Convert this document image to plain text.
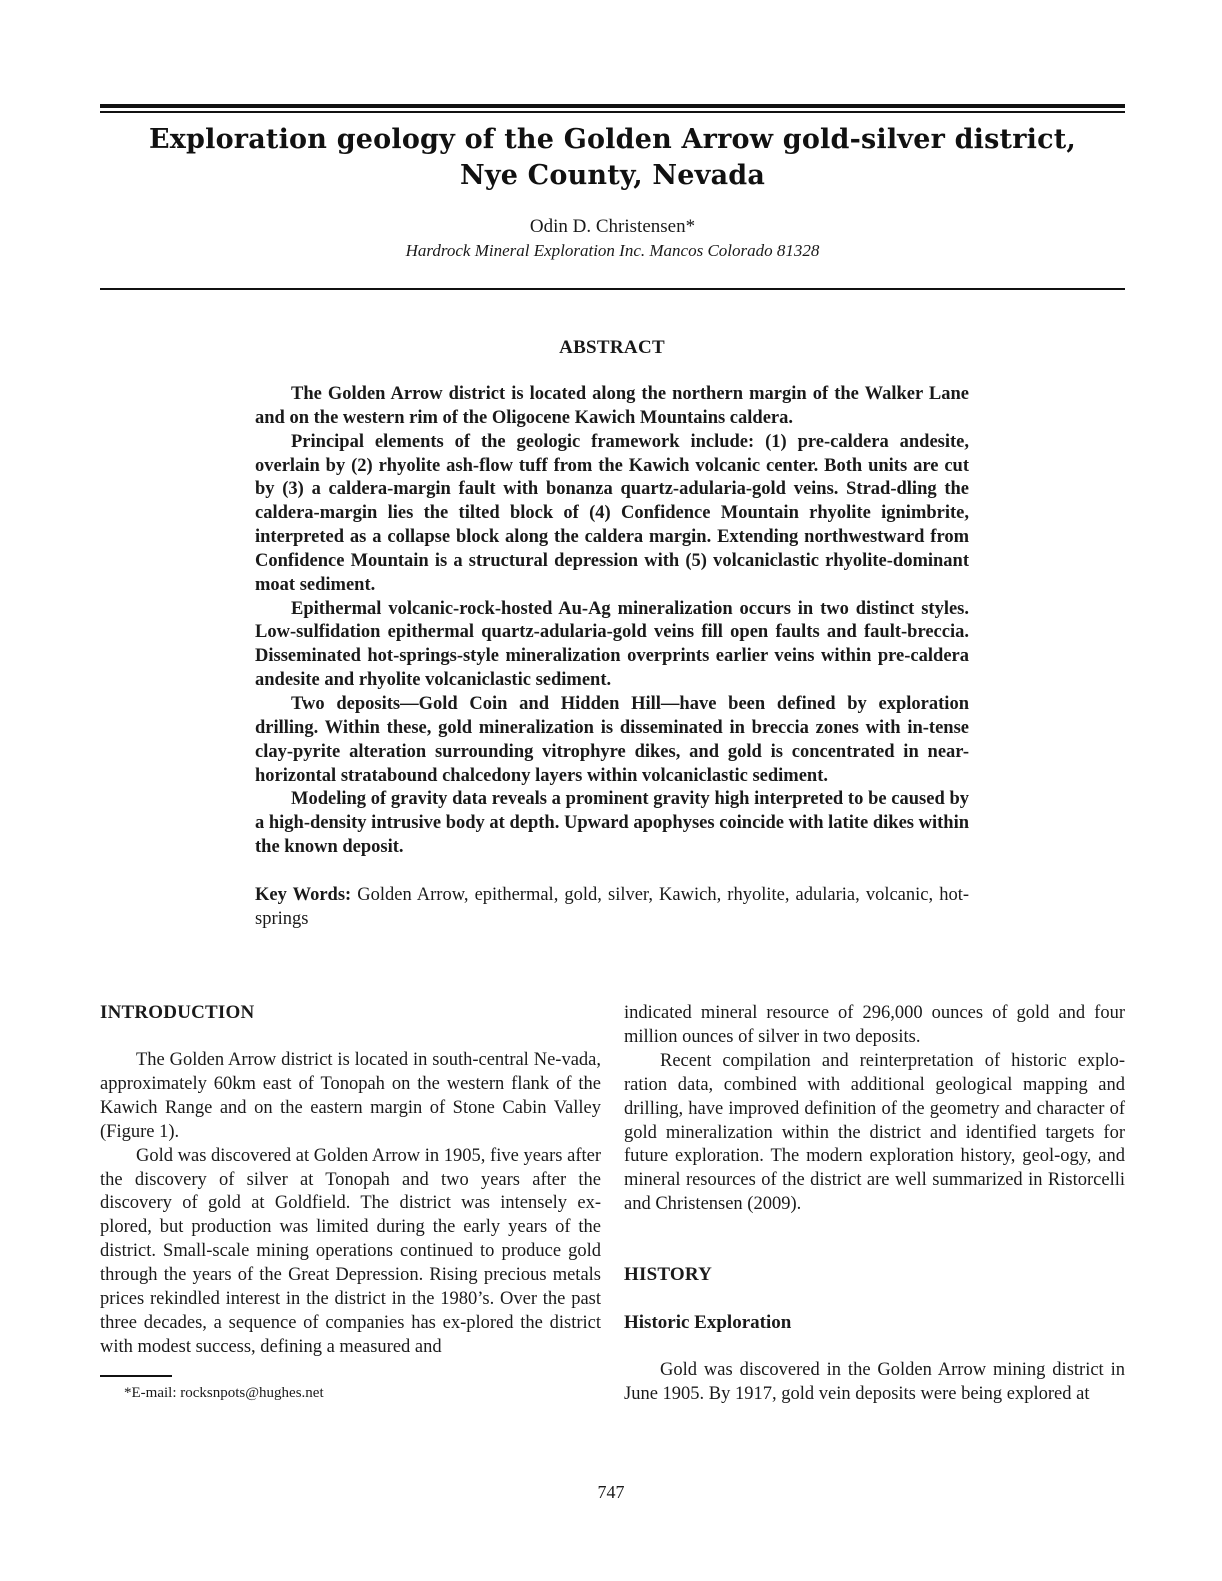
Exploration geology of the Golden Arrow gold-silver district,
Nye County, Nevada
Odin D. Christensen*
Hardrock Mineral Exploration Inc. Mancos Colorado 81328
ABSTRACT

The Golden Arrow district is located along the northern margin of the Walker Lane and on the western rim of the Oligocene Kawich Mountains caldera.

Principal elements of the geologic framework include: (1) pre-caldera andesite, overlain by (2) rhyolite ash-flow tuff from the Kawich volcanic center. Both units are cut by (3) a caldera-margin fault with bonanza quartz-adularia-gold veins. Strad-dling the caldera-margin lies the tilted block of (4) Confidence Mountain rhyolite ignimbrite, interpreted as a collapse block along the caldera margin. Extending northwestward from Confidence Mountain is a structural depression with (5) volcaniclastic rhyolite-dominant moat sediment.

Epithermal volcanic-rock-hosted Au-Ag mineralization occurs in two distinct styles. Low-sulfidation epithermal quartz-adularia-gold veins fill open faults and fault-breccia. Disseminated hot-springs-style mineralization overprints earlier veins within pre-caldera andesite and rhyolite volcaniclastic sediment.

Two deposits—Gold Coin and Hidden Hill—have been defined by exploration drilling. Within these, gold mineralization is disseminated in breccia zones with in-tense clay-pyrite alteration surrounding vitrophyre dikes, and gold is concentrated in near-horizontal stratabound chalcedony layers within volcaniclastic sediment.

Modeling of gravity data reveals a prominent gravity high interpreted to be caused by a high-density intrusive body at depth. Upward apophyses coincide with latite dikes within the known deposit.

Key Words: Golden Arrow, epithermal, gold, silver, Kawich, rhyolite, adularia, volcanic, hot-springs
INTRODUCTION

The Golden Arrow district is located in south-central Ne-vada, approximately 60km east of Tonopah on the western flank of the Kawich Range and on the eastern margin of Stone Cabin Valley (Figure 1).

Gold was discovered at Golden Arrow in 1905, five years after the discovery of silver at Tonopah and two years after the discovery of gold at Goldfield. The district was intensely ex-plored, but production was limited during the early years of the district. Small-scale mining operations continued to produce gold through the years of the Great Depression. Rising precious metals prices rekindled interest in the district in the 1980’s. Over the past three decades, a sequence of companies has ex-plored the district with modest success, defining a measured and

indicated mineral resource of 296,000 ounces of gold and four million ounces of silver in two deposits.

Recent compilation and reinterpretation of historic explo-ration data, combined with additional geological mapping and drilling, have improved definition of the geometry and character of gold mineralization within the district and identified targets for future exploration. The modern exploration history, geol-ogy, and mineral resources of the district are well summarized in Ristorcelli and Christensen (2009).

HISTORY
Historic Exploration

Gold was discovered in the Golden Arrow mining district in June 1905. By 1917, gold vein deposits were being explored at

*E-mail: rocksnpots@hughes.net
747
